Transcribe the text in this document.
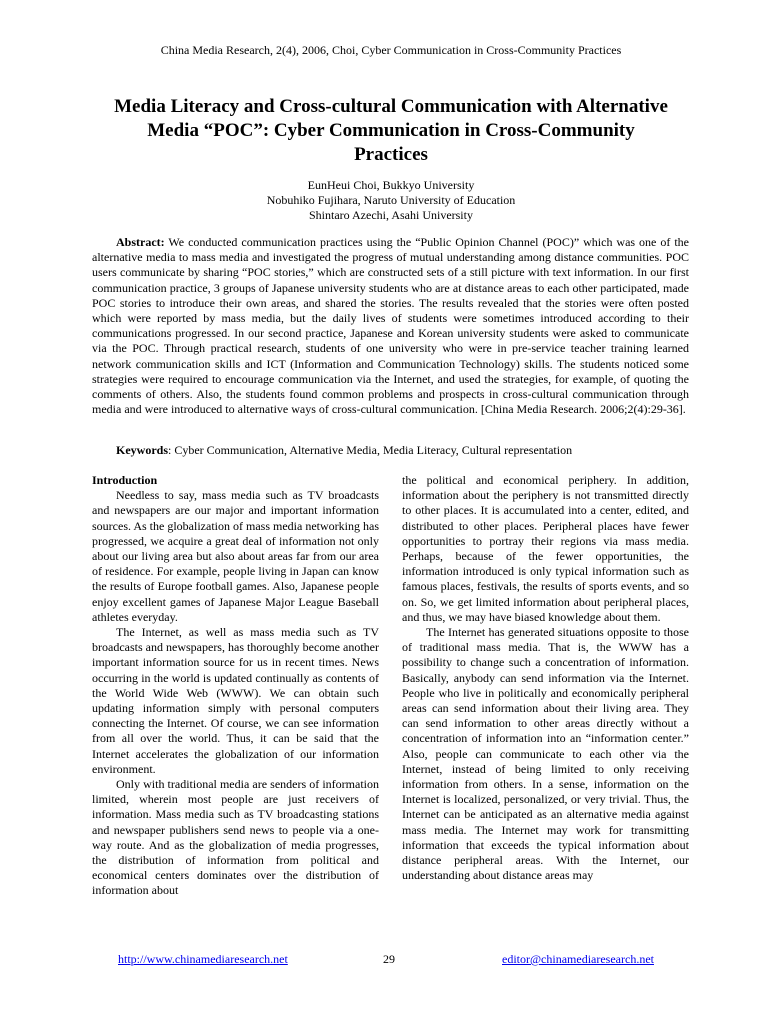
China Media Research, 2(4), 2006, Choi, Cyber Communication in Cross-Community Practices
Media Literacy and Cross-cultural Communication with Alternative Media “POC”: Cyber Communication in Cross-Community Practices
EunHeui Choi, Bukkyo University
Nobuhiko Fujihara, Naruto University of Education
Shintaro Azechi, Asahi University

Abstract: We conducted communication practices using the “Public Opinion Channel (POC)” which was one of the alternative media to mass media and investigated the progress of mutual understanding among distance communities. POC users communicate by sharing “POC stories,” which are constructed sets of a still picture with text information. In our first communication practice, 3 groups of Japanese university students who are at distance areas to each other participated, made POC stories to introduce their own areas, and shared the stories. The results revealed that the stories were often posted which were reported by mass media, but the daily lives of students were sometimes introduced according to their communications progressed. In our second practice, Japanese and Korean university students were asked to communicate via the POC. Through practical research, students of one university who were in pre-service teacher training learned network communication skills and ICT (Information and Communication Technology) skills. The students noticed some strategies were required to encourage communication via the Internet, and used the strategies, for example, of quoting the comments of others. Also, the students found common problems and prospects in cross-cultural communication through media and were introduced to alternative ways of cross-cultural communication. [China Media Research. 2006;2(4):29-36].

Keywords: Cyber Communication, Alternative Media, Media Literacy, Cultural representation

Introduction

Needless to say, mass media such as TV broadcasts and newspapers are our major and important information sources. As the globalization of mass media networking has progressed, we acquire a great deal of information not only about our living area but also about areas far from our area of residence. For example, people living in Japan can know the results of Europe football games. Also, Japanese people enjoy excellent games of Japanese Major League Baseball athletes everyday.

The Internet, as well as mass media such as TV broadcasts and newspapers, has thoroughly become another important information source for us in recent times. News occurring in the world is updated continually as contents of the World Wide Web (WWW). We can obtain such updating information simply with personal computers connecting the Internet. Of course, we can see information from all over the world. Thus, it can be said that the Internet accelerates the globalization of our information environment.

Only with traditional media are senders of information limited, wherein most people are just receivers of information. Mass media such as TV broadcasting stations and newspaper publishers send news to people via a one-way route. And as the globalization of media progresses, the distribution of information from political and economical centers dominates over the distribution of information about

the political and economical periphery. In addition, information about the periphery is not transmitted directly to other places. It is accumulated into a center, edited, and distributed to other places. Peripheral places have fewer opportunities to portray their regions via mass media. Perhaps, because of the fewer opportunities, the information introduced is only typical information such as famous places, festivals, the results of sports events, and so on. So, we get limited information about peripheral places, and thus, we may have biased knowledge about them.

The Internet has generated situations opposite to those of traditional mass media. That is, the WWW has a possibility to change such a concentration of information. Basically, anybody can send information via the Internet. People who live in politically and economically peripheral areas can send information about their living area. They can send information to other areas directly without a concentration of information into an “information center.” Also, people can communicate to each other via the Internet, instead of being limited to only receiving information from others. In a sense, information on the Internet is localized, personalized, or very trivial. Thus, the Internet can be anticipated as an alternative media against mass media. The Internet may work for transmitting information that exceeds the typical information about distance peripheral areas. With the Internet, our understanding about distance areas may

http://www.chinamediaresearch.net	29	editor@chinamediaresearch.net
